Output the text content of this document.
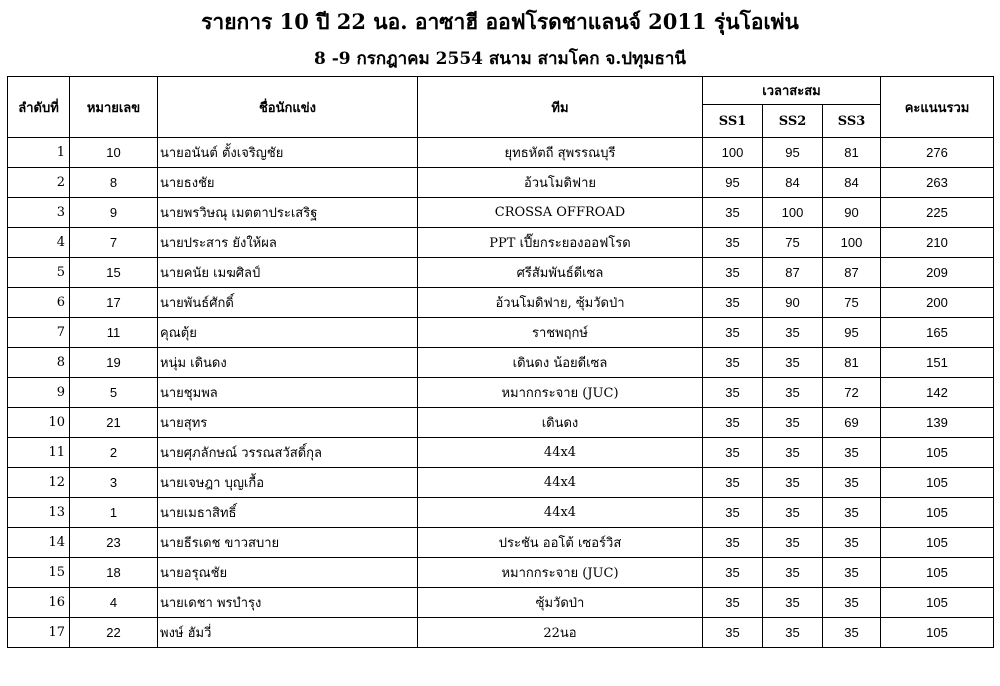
รายการ 10 ปี 22 นอ. อาซาฮี ออฟโรดชาแลนจ์ 2011 รุ่นโอเพ่น
8 -9 กรกฎาคม 2554 สนาม สามโคก จ.ปทุมธานี
ลำดับที่	หมายเลข	ชื่อนักแข่ง	ทีม	เวลาสะสม			คะแนนรวม
				SS1	SS2	SS3	
1	10	นายอนันต์ ตั้งเจริญชัย	ยุทธหัตถี สุพรรณบุรี	100	95	81	276
2	8	นายธงชัย	อ้วนโมดิฟาย	95	84	84	263
3	9	นายพรวิษณุ เมตตาประเสริฐ	CROSSA OFFROAD	35	100	90	225
4	7	นายประสาร ยังให้ผล	PPT เปี๊ยกระยองออฟโรด	35	75	100	210
5	15	นายคนัย เมฆศิลป์	ศรีสัมพันธ์ดีเซล	35	87	87	209
6	17	นายพันธ์ศักดิ์	อ้วนโมดิฟาย, ซุ้มวัดป่า	35	90	75	200
7	11	คุณตุ้ย	ราชพฤกษ์	35	35	95	165
8	19	หนุ่ม เดินดง	เดินดง น้อยดีเซล	35	35	81	151
9	5	นายชุมพล	หมากกระจาย (JUC)	35	35	72	142
10	21	นายสุทร	เดินดง	35	35	69	139
11	2	นายศุภลักษณ์ วรรณสวัสดิ์กุล	44x4	35	35	35	105
12	3	นายเจษฎา บุญเกื้อ	44x4	35	35	35	105
13	1	นายเมธาสิทธิ์	44x4	35	35	35	105
14	23	นายธีรเดช ขาวสบาย	ประชัน ออโต้ เซอร์วิส	35	35	35	105
15	18	นายอรุณชัย	หมากกระจาย (JUC)	35	35	35	105
16	4	นายเดชา พรบำรุง	ซุ้มวัดป่า	35	35	35	105
17	22	พงษ์ ฮัมวี่	22นอ	35	35	35	105
